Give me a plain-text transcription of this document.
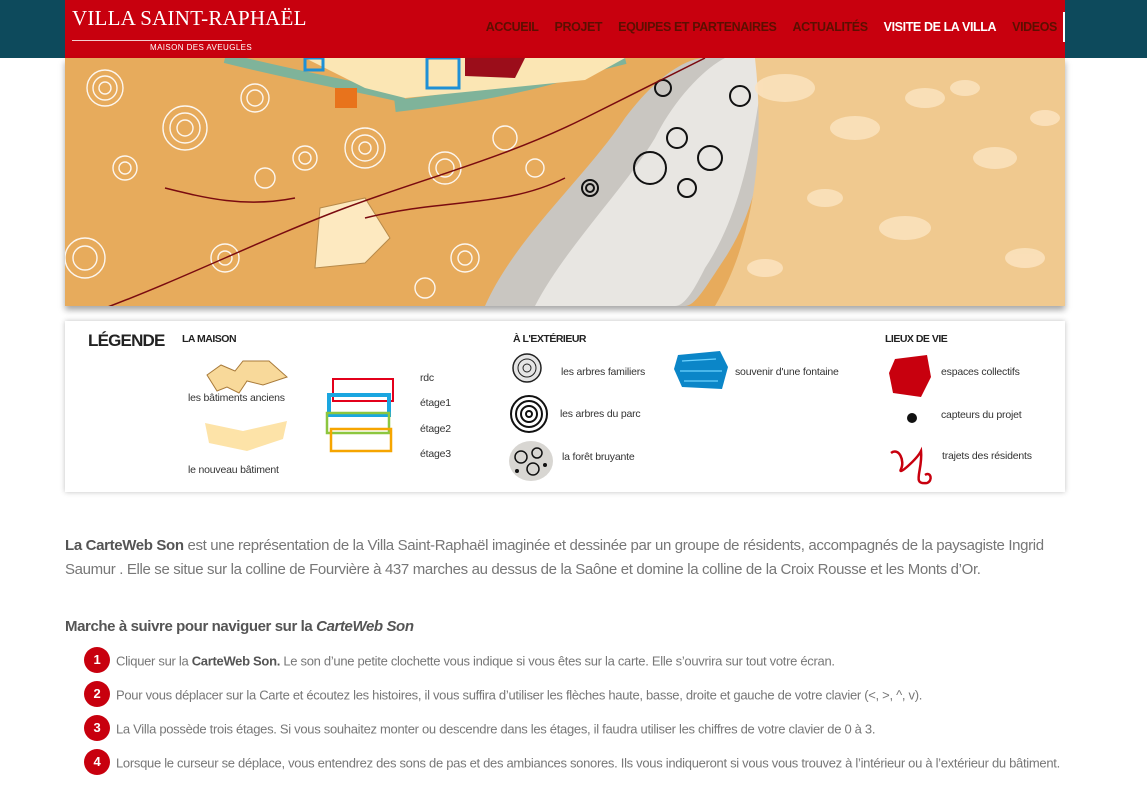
VILLA SAINT-RAPHAËL
MAISON DES AVEUGLES
ACCUEIL PROJET EQUIPES ET PARTENAIRES ACTUALITÉS VISITE DE LA VILLA VIDEOS
LÉGENDE LA MAISON
les bâtiments anciens
le nouveau bâtiment
rdc
étage1
étage2
étage3
À L'EXTÉRIEUR
les arbres familiers
les arbres du parc
la forêt bruyante
souvenir d'une fontaine
LIEUX DE VIE
espaces collectifs
capteurs du projet
trajets des résidents

La CarteWeb Son est une représentation de la Villa Saint-Raphaël imaginée et dessinée par un groupe de résidents, accompagnés de la paysagiste Ingrid Saumur . Elle se situe sur la colline de Fourvière à 437 marches au dessus de la Saône et domine la colline de la Croix Rousse et les Monts d’Or.

Marche à suivre pour naviguer sur la CarteWeb Son
1 Cliquer sur la CarteWeb Son. Le son d’une petite clochette vous indique si vous êtes sur la carte. Elle s’ouvrira sur tout votre écran.
2 Pour vous déplacer sur la Carte et écoutez les histoires, il vous suffira d’utiliser les flèches haute, basse, droite et gauche de votre clavier (<, >, ^, v).
3 La Villa possède trois étages. Si vous souhaitez monter ou descendre dans les étages, il faudra utiliser les chiffres de votre clavier de 0 à 3.
4 Lorsque le curseur se déplace, vous entendrez des sons de pas et des ambiances sonores. Ils vous indiqueront si vous vous trouvez à l’intérieur ou à l’extérieur du bâtiment.
